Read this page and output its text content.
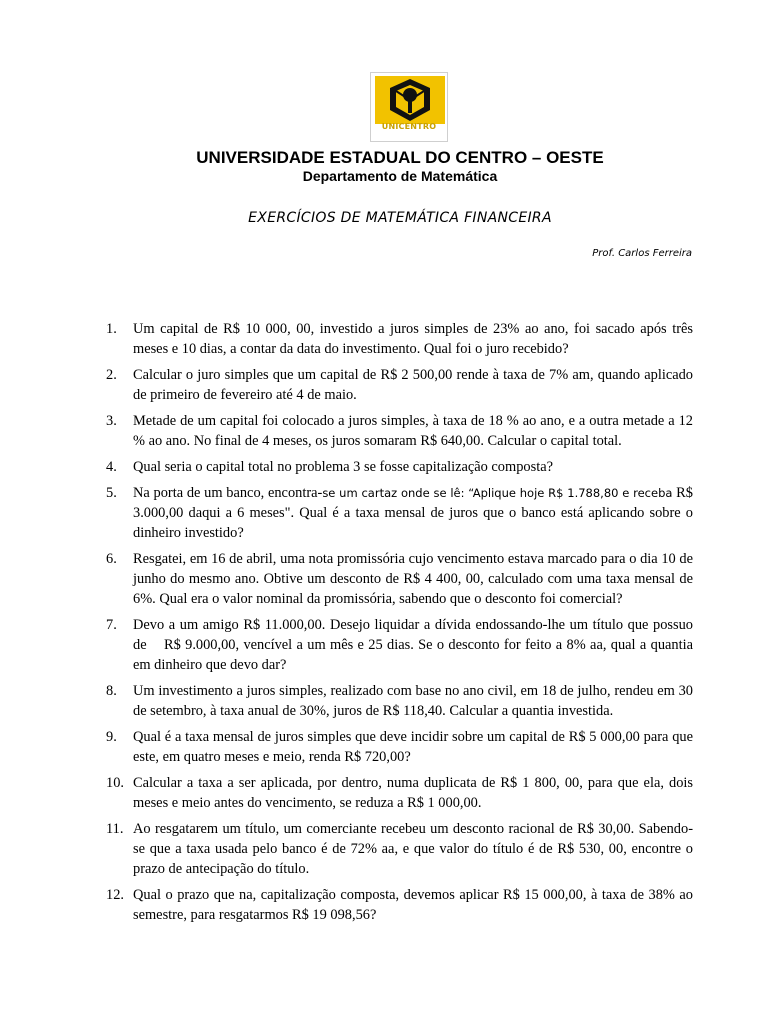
UNICENTRO
UNIVERSIDADE ESTADUAL DO CENTRO – OESTE
Departamento de Matemática
EXERCÍCIOS DE MATEMÁTICA FINANCEIRA
Prof. Carlos Ferreira
1. Um capital de R$ 10 000, 00, investido a juros simples de 23% ao ano, foi sacado após três meses e 10 dias, a contar da data do investimento. Qual foi o juro recebido?
2. Calcular o juro simples que um capital de R$ 2 500,00 rende à taxa de 7% am, quando aplicado de primeiro de fevereiro até 4 de maio.
3. Metade de um capital foi colocado a juros simples, à taxa de 18 % ao ano, e a outra metade a 12 % ao ano. No final de 4 meses, os juros somaram R$ 640,00. Calcular o capital total.
4. Qual seria o capital total no problema 3 se fosse capitalização composta?
5. Na porta de um banco, encontra-se um cartaz onde se lê: “Aplique hoje R$ 1.788,80 e receba R$ 3.000,00 daqui a 6 meses". Qual é a taxa mensal de juros que o banco está aplicando sobre o dinheiro investido?
6. Resgatei, em 16 de abril, uma nota promissória cujo vencimento estava marcado para o dia 10 de junho do mesmo ano. Obtive um desconto de R$ 4 400, 00, calculado com uma taxa mensal de 6%. Qual era o valor nominal da promissória, sabendo que o desconto foi comercial?
7. Devo a um amigo R$ 11.000,00. Desejo liquidar a dívida endossando-lhe um título que possuo de    R$ 9.000,00, vencível a um mês e 25 dias. Se o desconto for feito a 8% aa, qual a quantia em dinheiro que devo dar?
8. Um investimento a juros simples, realizado com base no ano civil, em 18 de julho, rendeu em 30 de setembro, à taxa anual de 30%, juros de R$ 118,40. Calcular a quantia investida.
9. Qual é a taxa mensal de juros simples que deve incidir sobre um capital de R$ 5 000,00 para que este, em quatro meses e meio, renda R$ 720,00?
10. Calcular a taxa a ser aplicada, por dentro, numa duplicata de R$ 1 800, 00, para que ela, dois meses e meio antes do vencimento, se reduza a R$ 1 000,00.
11. Ao resgatarem um título, um comerciante recebeu um desconto racional de R$ 30,00. Sabendo-se que a taxa usada pelo banco é de 72% aa, e que valor do título é de R$ 530, 00, encontre o prazo de antecipação do título.
12. Qual o prazo que na, capitalização composta, devemos aplicar R$ 15 000,00, à taxa de 38% ao semestre, para resgatarmos R$ 19 098,56?
